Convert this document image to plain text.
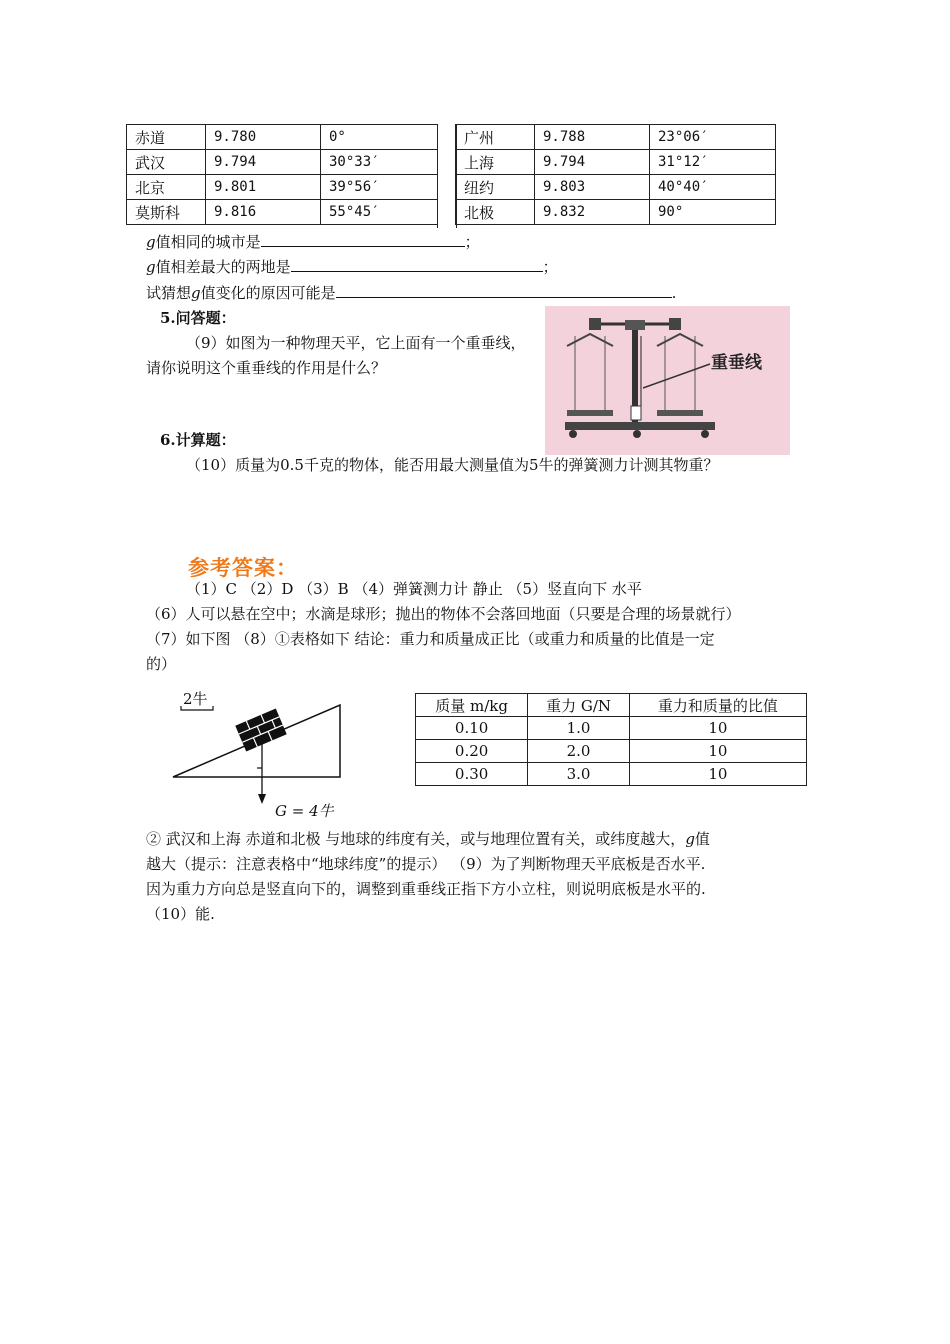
赤道	9.780	0°
武汉	9.794	30°33′
北京	9.801	39°56′
莫斯科	9.816	55°45′
广州	9.788	23°06′
上海	9.794	31°12′
纽约	9.803	40°40′
北极	9.832	90°
g值相同的城市是	；
g值相差最大的两地是	；
试猜想g值变化的原因可能是	.
5.问答题：
（9）如图为一种物理天平，它上面有一个重垂线，
请你说明这个重垂线的作用是什么？	重垂线
6.计算题：
（10）质量为0.5千克的物体，能否用最大测量值为5牛的弹簧测力计测其物重？
参考答案：
（1）C （2）D （3）B （4）弹簧测力计 静止 （5）竖直向下 水平
（6）人可以悬在空中；水滴是球形；抛出的物体不会落回地面（只要是合理的场景就行）
（7）如下图 （8）①表格如下 结论：重力和质量成正比（或重力和质量的比值是一定
的）
2牛
G = 4牛
质量 m/kg	重力 G/N	重力和质量的比值
0.10	1.0	10
0.20	2.0	10
0.30	3.0	10
② 武汉和上海 赤道和北极 与地球的纬度有关，或与地理位置有关，或纬度越大，g值
越大（提示：注意表格中“地球纬度”的提示） （9）为了判断物理天平底板是否水平.
因为重力方向总是竖直向下的，调整到重垂线正指下方小立柱，则说明底板是水平的.
（10）能.
